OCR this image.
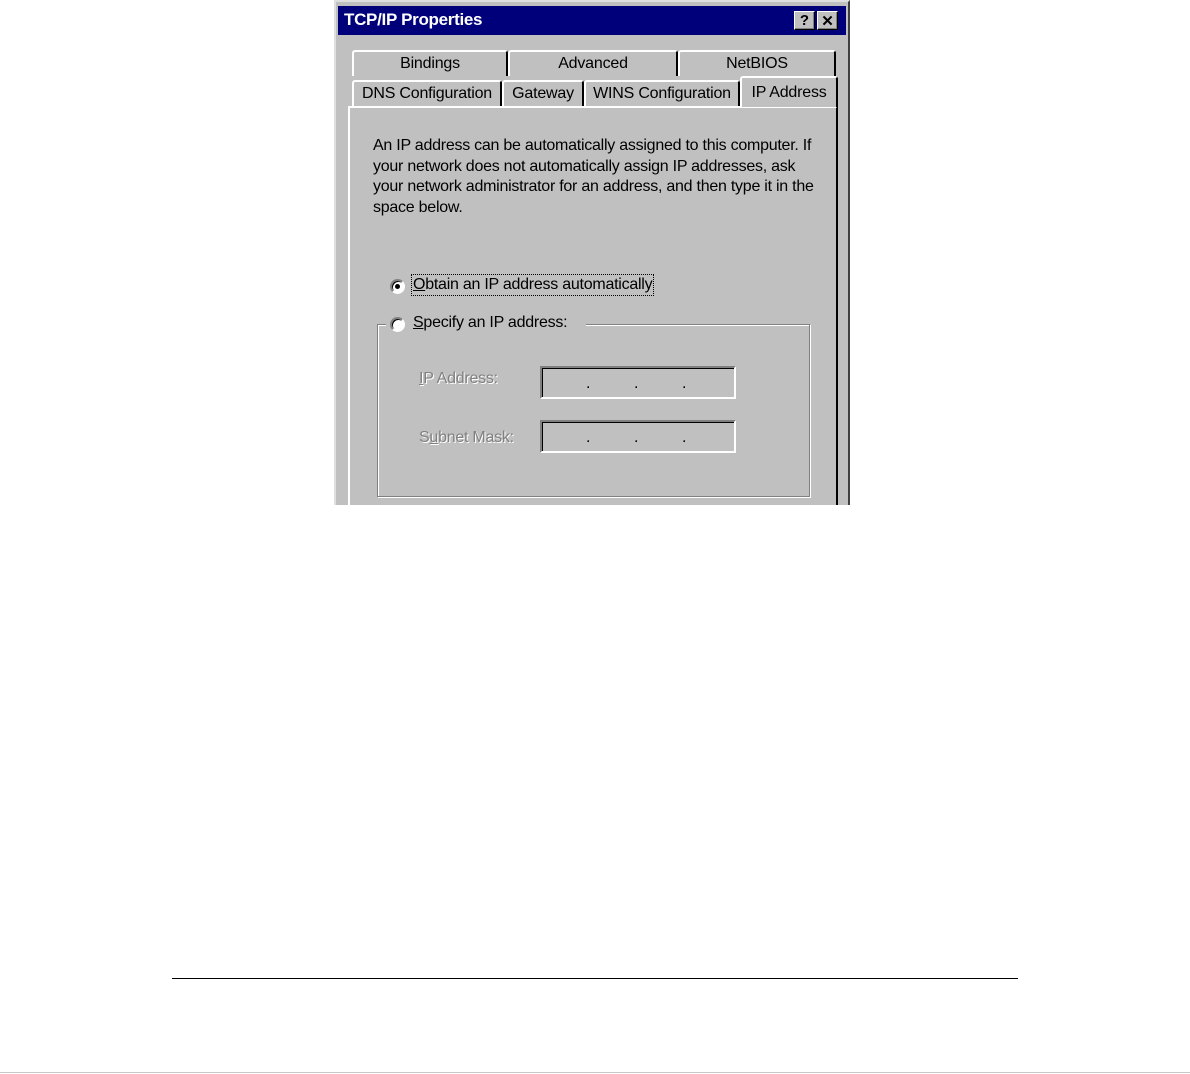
TCP/IP Properties	? ✕
Bindings	Advanced	NetBIOS
DNS Configuration	Gateway	WINS Configuration	IP Address
An IP address can be automatically assigned to this computer. If your network does not automatically assign IP addresses, ask your network administrator for an address, and then type it in the space below.
Obtain an IP address automatically
Specify an IP address:
IP Address:	.	.	.
Subnet Mask:	.	.	.
